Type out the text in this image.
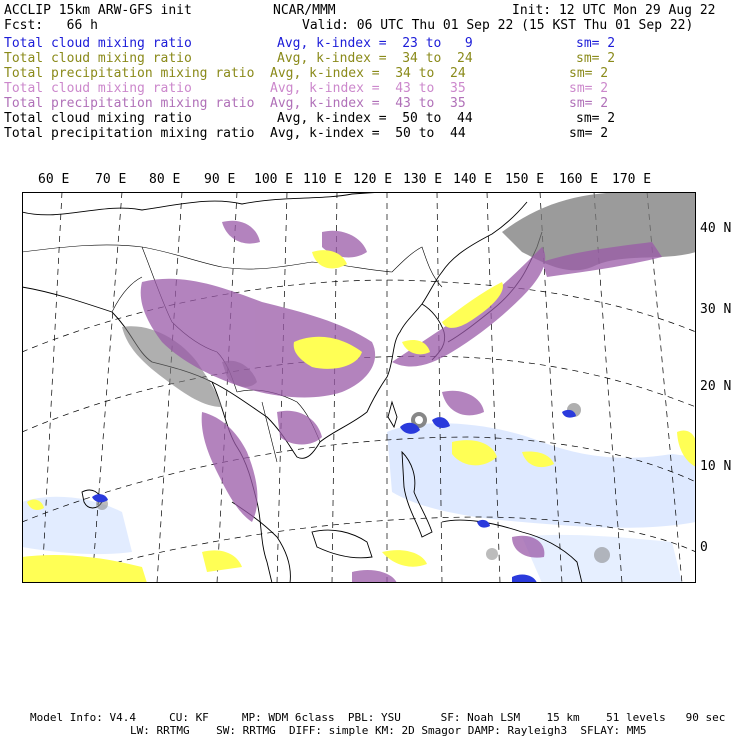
ACCLIP 15km ARW-GFS init	NCAR/MMM	Init: 12 UTC Mon 29 Aug 22
Fcst:   66 h	Valid: 06 UTC Thu 01 Sep 22 (15 KST Thu 01 Sep 22)
Total cloud mixing ratio	Avg, k-index =  23 to   9	sm= 2
Total cloud mixing ratio	Avg, k-index =  34 to  24	sm= 2
Total precipitation mixing ratio Avg, k-index =  34 to  24	sm= 2
Total cloud mixing ratio	Avg, k-index =  43 to  35	sm= 2
Total precipitation mixing ratio Avg, k-index =  43 to  35	sm= 2
Total cloud mixing ratio	Avg, k-index =  50 to  44	sm= 2
Total precipitation mixing ratio Avg, k-index =  50 to  44	sm= 2
60 E 70 E 80 E 90 E 100 E 110 E 120 E 130 E 140 E 150 E 160 E 170 E
40 N
30 N
20 N
10 N
0
Model Info: V4.4     CU: KF     MP: WDM 6class  PBL: YSU      SF: Noah LSM    15 km    51 levels   90 sec
LW: RRTMG    SW: RRTMG  DIFF: simple KM: 2D Smagor DAMP: Rayleigh3  SFLAY: MM5
